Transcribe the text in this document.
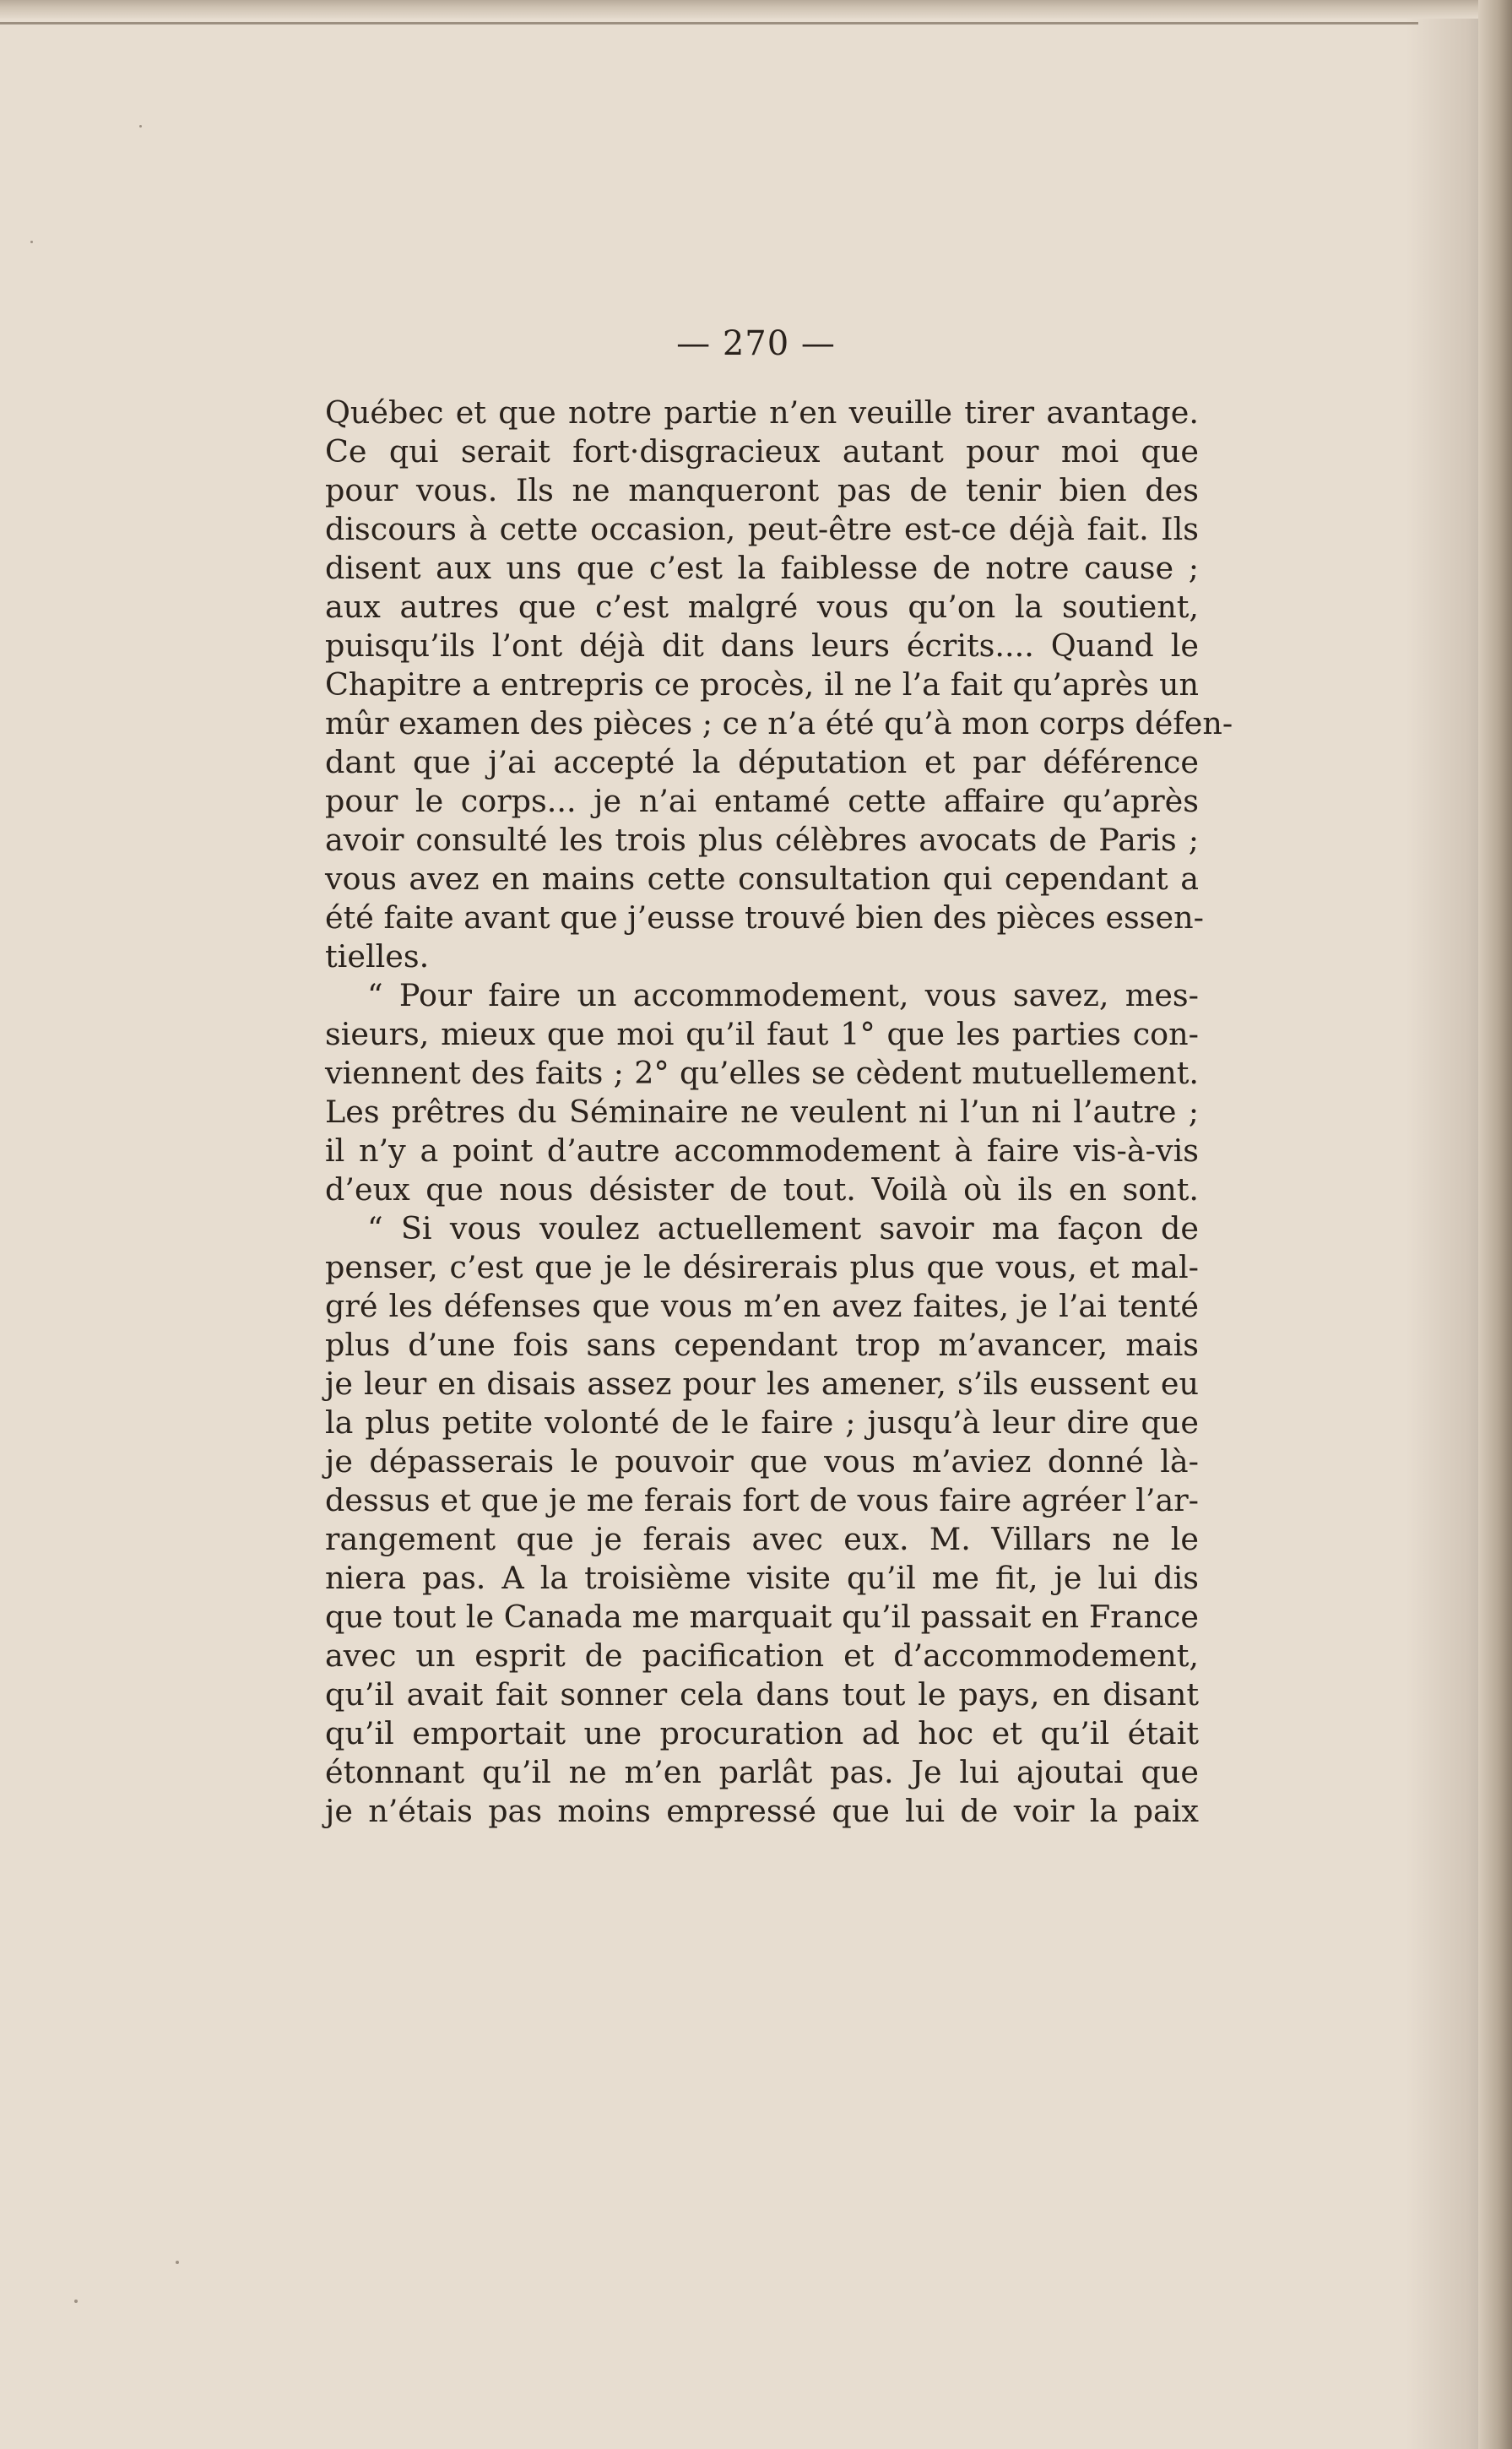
— 270 —
Québec et que notre partie n’en veuille tirer avantage.
Ce qui serait fort·disgracieux autant pour moi que
pour vous. Ils ne manqueront pas de tenir bien des
discours à cette occasion, peut-être est-ce déjà fait. Ils
disent aux uns que c’est la faiblesse de notre cause ;
aux autres que c’est malgré vous qu’on la soutient,
puisqu’ils l’ont déjà dit dans leurs écrits.... Quand le
Chapitre a entrepris ce procès, il ne l’a fait qu’après un
mûr examen des pièces ; ce n’a été qu’à mon corps défen-
dant que j’ai accepté la députation et par déférence
pour le corps... je n’ai entamé cette affaire qu’après
avoir consulté les trois plus célèbres avocats de Paris ;
vous avez en mains cette consultation qui cependant a
été faite avant que j’eusse trouvé bien des pièces essen-
tielles.
“ Pour faire un accommodement, vous savez, mes-
sieurs, mieux que moi qu’il faut 1° que les parties con-
viennent des faits ; 2° qu’elles se cèdent mutuellement.
Les prêtres du Séminaire ne veulent ni l’un ni l’autre ;
il n’y a point d’autre accommodement à faire vis-à-vis
d’eux que nous désister de tout. Voilà où ils en sont.
“ Si vous voulez actuellement savoir ma façon de
penser, c’est que je le désirerais plus que vous, et mal-
gré les défenses que vous m’en avez faites, je l’ai tenté
plus d’une fois sans cependant trop m’avancer, mais
je leur en disais assez pour les amener, s’ils eussent eu
la plus petite volonté de le faire ; jusqu’à leur dire que
je dépasserais le pouvoir que vous m’aviez donné là-
dessus et que je me ferais fort de vous faire agréer l’ar-
rangement que je ferais avec eux. M. Villars ne le
niera pas. A la troisième visite qu’il me fit, je lui dis
que tout le Canada me marquait qu’il passait en France
avec un esprit de pacification et d’accommodement,
qu’il avait fait sonner cela dans tout le pays, en disant
qu’il emportait une procuration ad hoc et qu’il était
étonnant qu’il ne m’en parlât pas. Je lui ajoutai que
je n’étais pas moins empressé que lui de voir la paix
